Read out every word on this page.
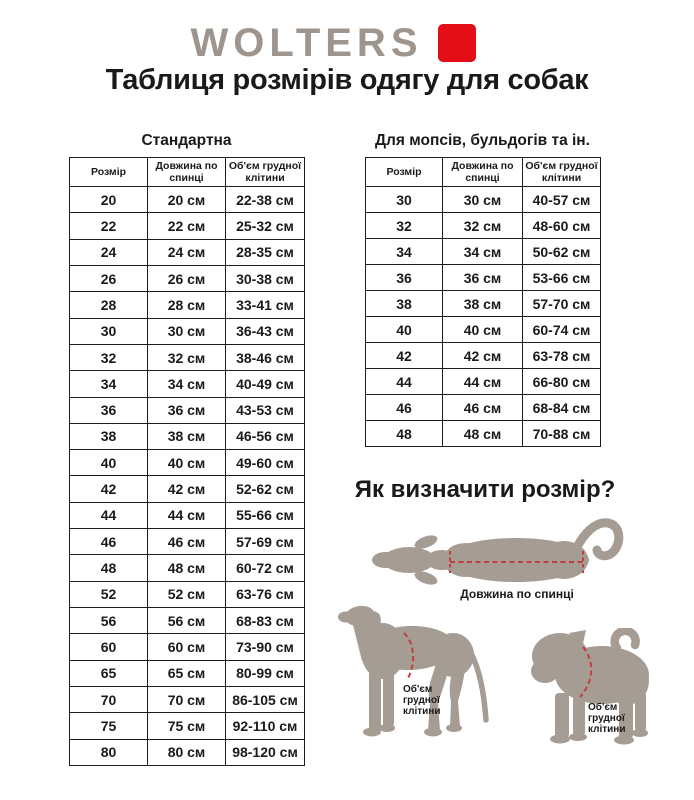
WOLTERS
Таблиця розмірів одягу для собак
Стандартна
Розмір	Довжина по спинці	Об'єм грудної клітини
20	20 см	22-38 см
22	22 см	25-32 см
24	24 см	28-35 см
26	26 см	30-38 см
28	28 см	33-41 см
30	30 см	36-43 см
32	32 см	38-46 см
34	34 см	40-49 см
36	36 см	43-53 см
38	38 см	46-56 см
40	40 см	49-60 см
42	42 см	52-62 см
44	44 см	55-66 см
46	46 см	57-69 см
48	48 см	60-72 см
52	52 см	63-76 см
56	56 см	68-83 см
60	60 см	73-90 см
65	65 см	80-99 см
70	70 см	86-105 см
75	75 см	92-110 см
80	80 см	98-120 см
Для мопсів, бульдогів та ін.
Розмір	Довжина по спинці	Об'єм грудної клітини
30	30 см	40-57 см
32	32 см	48-60 см
34	34 см	50-62 см
36	36 см	53-66 см
38	38 см	57-70 см
40	40 см	60-74 см
42	42 см	63-78 см
44	44 см	66-80 см
46	46 см	68-84 см
48	48 см	70-88 см
Як визначити розмір?
Довжина по спинці
Об'єм грудної клітини	Об'єм грудної клітини
